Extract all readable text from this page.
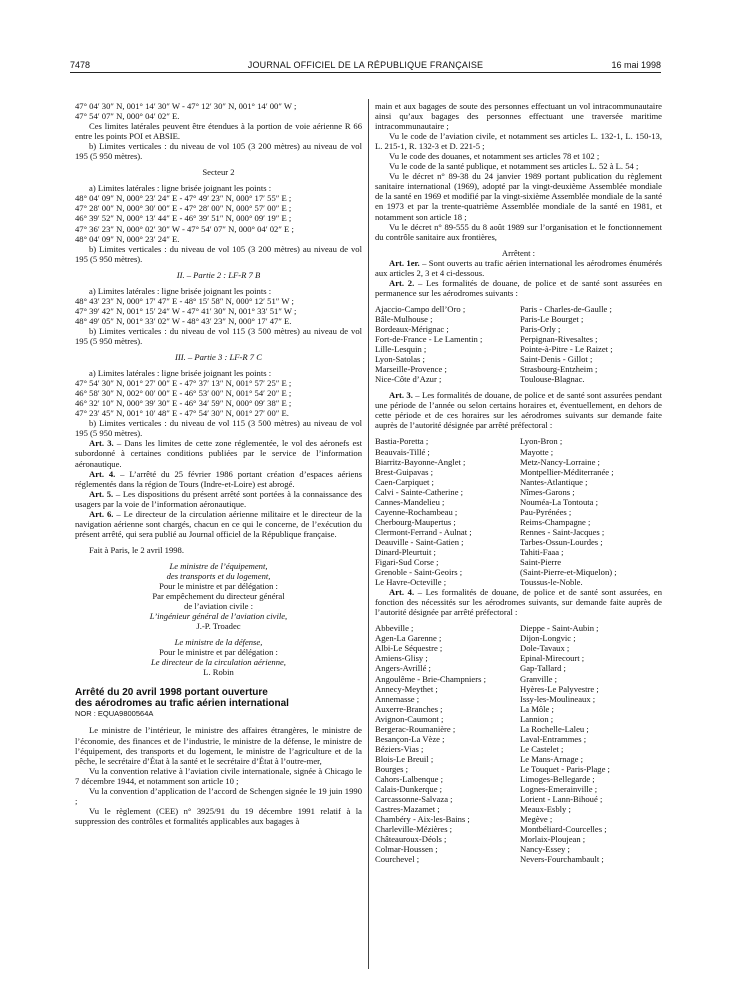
7478	JOURNAL OFFICIEL DE LA RÉPUBLIQUE FRANÇAISE	16 mai 1998

47° 04′ 30″ N, 001° 14′ 30″ W - 47° 12′ 30″ N, 001° 14′ 00″ W ;

47° 54′ 07″ N, 000° 04′ 02″ E.

Ces limites latérales peuvent être étendues à la portion de voie aérienne R 66 entre les points POI et ABSIE.

b) Limites verticales : du niveau de vol 105 (3 200 mètres) au niveau de vol 195 (5 950 mètres).

Secteur 2

a) Limites latérales : ligne brisée joignant les points :

48° 04′ 09″ N, 000° 23′ 24″ E - 47° 49′ 23″ N, 000° 17′ 55″ E ;

47° 28′ 00″ N, 000° 30′ 00″ E - 47° 28′ 00″ N, 000° 57′ 00″ E ;

46° 39′ 52″ N, 000° 13′ 44″ E - 46° 39′ 51″ N, 000° 09′ 19″ E ;

47° 36′ 23″ N, 000° 02′ 30″ W - 47° 54′ 07″ N, 000° 04′ 02″ E ;

48° 04′ 09″ N, 000° 23′ 24″ E.

b) Limites verticales : du niveau de vol 105 (3 200 mètres) au niveau de vol 195 (5 950 mètres).

II. – Partie 2 : LF-R 7 B

a) Limites latérales : ligne brisée joignant les points :

48° 43′ 23″ N, 000° 17′ 47″ E - 48° 15′ 58″ N, 000° 12′ 51″ W ;

47° 39′ 42″ N, 001° 15′ 24″ W - 47° 41′ 30″ N, 001° 33′ 51″ W ;

48° 49′ 05″ N, 001° 33′ 02″ W - 48° 43′ 23″ N, 000° 17′ 47″ E.

b) Limites verticales : du niveau de vol 115 (3 500 mètres) au niveau de vol 195 (5 950 mètres).

III. – Partie 3 : LF-R 7 C

a) Limites latérales : ligne brisée joignant les points :

47° 54′ 30″ N, 001° 27′ 00″ E - 47° 37′ 13″ N, 001° 57′ 25″ E ;

46° 58′ 30″ N, 002° 00′ 00″ E - 46° 53′ 00″ N, 001° 54′ 20″ E ;

46° 32′ 10″ N, 000° 39′ 30″ E - 46° 34′ 59″ N, 000° 09′ 38″ E ;

47° 23′ 45″ N, 001° 10′ 48″ E - 47° 54′ 30″ N, 001° 27′ 00″ E.

b) Limites verticales : du niveau de vol 115 (3 500 mètres) au niveau de vol 195 (5 950 mètres).

Art. 3. – Dans les limites de cette zone réglementée, le vol des aéronefs est subordonné à certaines conditions publiées par le service de l’information aéronautique.

Art. 4. – L’arrêté du 25 février 1986 portant création d’espaces aériens réglementés dans la région de Tours (Indre-et-Loire) est abrogé.

Art. 5. – Les dispositions du présent arrêté sont portées à la connaissance des usagers par la voie de l’information aéronautique.

Art. 6. – Le directeur de la circulation aérienne militaire et le directeur de la navigation aérienne sont chargés, chacun en ce qui le concerne, de l’exécution du présent arrêté, qui sera publié au Journal officiel de la République française.

Fait à Paris, le 2 avril 1998.

Le ministre de l’équipement,

des transports et du logement,

Pour le ministre et par délégation :

Par empêchement du directeur général

de l’aviation civile :

L’ingénieur général de l’aviation civile,

J.-P. Troadec

Le ministre de la défense,

Pour le ministre et par délégation :

Le directeur de la circulation aérienne,

L. Robin

Arrêté du 20 avril 1998 portant ouverture

des aérodromes au trafic aérien international

NOR : EQUA9800564A

Le ministre de l’intérieur, le ministre des affaires étrangères, le ministre de l’économie, des finances et de l’industrie, le ministre de la défense, le ministre de l’équipement, des transports et du logement, le ministre de l’agriculture et de la pêche, le secrétaire d’État à la santé et le secrétaire d’État à l’outre-mer,

Vu la convention relative à l’aviation civile internationale, signée à Chicago le 7 décembre 1944, et notamment son article 10 ;

Vu la convention d’application de l’accord de Schengen signée le 19 juin 1990 ;

Vu le règlement (CEE) n° 3925/91 du 19 décembre 1991 relatif à la suppression des contrôles et formalités applicables aux bagages à

main et aux bagages de soute des personnes effectuant un vol intracommunautaire ainsi qu’aux bagages des personnes effectuant une traversée maritime intracommunautaire ;

Vu le code de l’aviation civile, et notamment ses articles L. 132-1, L. 150-13, L. 215-1, R. 132-3 et D. 221-5 ;

Vu le code des douanes, et notamment ses articles 78 et 102 ;

Vu le code de la santé publique, et notamment ses articles L. 52 à L. 54 ;

Vu le décret n° 89-38 du 24 janvier 1989 portant publication du règlement sanitaire international (1969), adopté par la vingt-deuxième Assemblée mondiale de la santé en 1969 et modifié par la vingt-sixième Assemblée mondiale de la santé en 1973 et par la trente-quatrième Assemblée mondiale de la santé en 1981, et notamment son article 18 ;

Vu le décret n° 89-555 du 8 août 1989 sur l’organisation et le fonctionnement du contrôle sanitaire aux frontières,

Arrêtent :

Art. 1er. – Sont ouverts au trafic aérien international les aérodromes énumérés aux articles 2, 3 et 4 ci-dessous.

Art. 2. – Les formalités de douane, de police et de santé sont assurées en permanence sur les aérodromes suivants :

Ajaccio-Campo dell’Oro ;
Bâle-Mulhouse ;
Bordeaux-Mérignac ;
Fort-de-France - Le Lamentin ;
Lille-Lesquin ;
Lyon-Satolas ;
Marseille-Provence ;
Nice-Côte d’Azur ;
Paris - Charles-de-Gaulle ;
Paris-Le Bourget ;
Paris-Orly ;
Perpignan-Rivesaltes ;
Pointe-à-Pitre - Le Raizet ;
Saint-Denis - Gillot ;
Strasbourg-Entzheim ;
Toulouse-Blagnac.

Art. 3. – Les formalités de douane, de police et de santé sont assurées pendant une période de l’année ou selon certains horaires et, éventuellement, en dehors de cette période et de ces horaires sur les aérodromes suivants sur demande faite auprès de l’autorité désignée par arrêté préfectoral :

Bastia-Poretta ;
Beauvais-Tillé ;
Biarritz-Bayonne-Anglet ;
Brest-Guipavas ;
Caen-Carpiquet ;
Calvi - Sainte-Catherine ;
Cannes-Mandelieu ;
Cayenne-Rochambeau ;
Cherbourg-Maupertus ;
Clermont-Ferrand - Aulnat ;
Deauville - Saint-Gatien ;
Dinard-Pleurtuit ;
Figari-Sud Corse ;
Grenoble - Saint-Geoirs ;
Le Havre-Octeville ;
Lyon-Bron ;
Mayotte ;
Metz-Nancy-Lorraine ;
Montpellier-Méditerranée ;
Nantes-Atlantique ;
Nîmes-Garons ;
Nouméa-La Tontouta ;
Pau-Pyrénées ;
Reims-Champagne ;
Rennes - Saint-Jacques ;
Tarbes-Ossun-Lourdes ;
Tahiti-Faaa ;
Saint-Pierre
(Saint-Pierre-et-Miquelon) ;
Toussus-le-Noble.

Art. 4. – Les formalités de douane, de police et de santé sont assurées, en fonction des nécessités sur les aérodromes suivants, sur demande faite auprès de l’autorité désignée par arrêté préfectoral :

Abbeville ;
Agen-La Garenne ;
Albi-Le Séquestre ;
Amiens-Glisy ;
Angers-Avrillé ;
Angoulême - Brie-Champniers ;
Annecy-Meythet ;
Annemasse ;
Auxerre-Branches ;
Avignon-Caumont ;
Bergerac-Roumanière ;
Besançon-La Vèze ;
Béziers-Vias ;
Blois-Le Breuil ;
Bourges ;
Cahors-Lalbenque ;
Calais-Dunkerque ;
Carcassonne-Salvaza ;
Castres-Mazamet ;
Chambéry - Aix-les-Bains ;
Charleville-Mézières ;
Châteauroux-Déols ;
Colmar-Houssen ;
Courchevel ;
Dieppe - Saint-Aubin ;
Dijon-Longvic ;
Dole-Tavaux ;
Epinal-Mirecourt ;
Gap-Tallard ;
Granville ;
Hyères-Le Palyvestre ;
Issy-les-Moulineaux ;
La Môle ;
Lannion ;
La Rochelle-Laleu ;
Laval-Entrammes ;
Le Castelet ;
Le Mans-Arnage ;
Le Touquet - Paris-Plage ;
Limoges-Bellegarde ;
Lognes-Emerainville ;
Lorient - Lann-Bihoué ;
Meaux-Esbly ;
Megève ;
Montbéliard-Courcelles ;
Morlaix-Ploujean ;
Nancy-Essey ;
Nevers-Fourchambault ;
